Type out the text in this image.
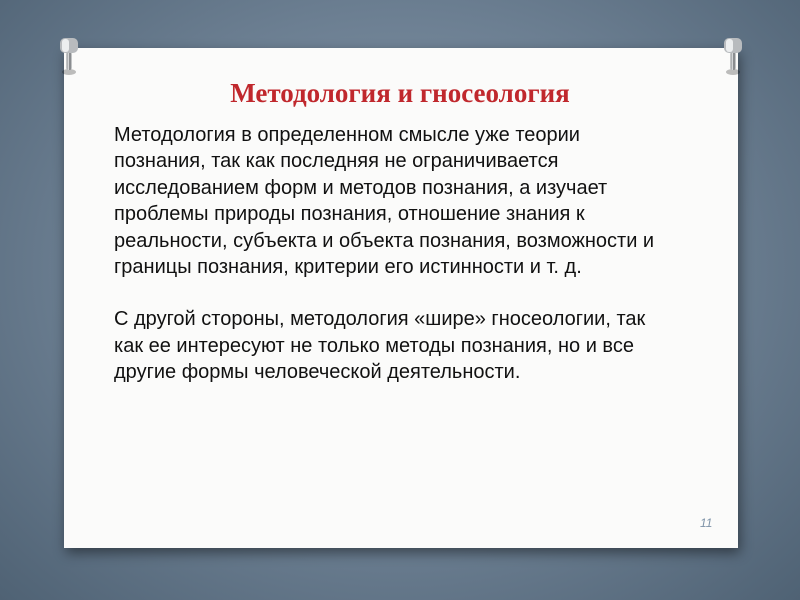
Методология и гносеология

Методология в определенном смысле уже теории познания, так как последняя не ограничивается исследованием форм и методов познания, а изучает проблемы природы познания, отношение знания к реальности, субъекта и объекта познания, возможности и границы познания, критерии его истинности и т. д.

С другой стороны, методология «шире» гносеологии, так как ее интересуют не только методы познания, но и все другие формы человеческой деятельности.

11
